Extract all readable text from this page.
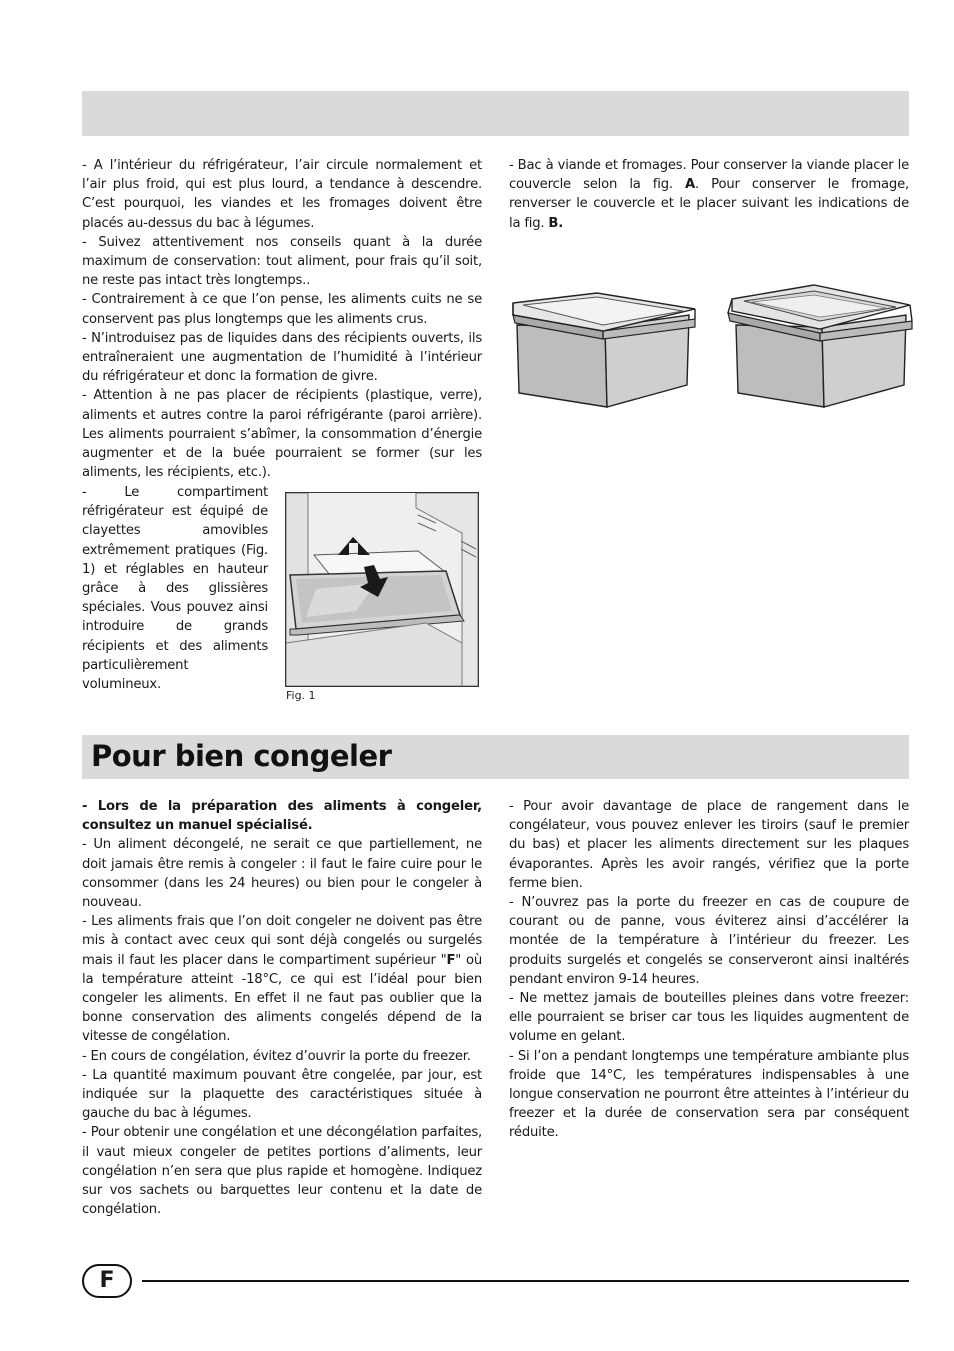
- A l’intérieur du réfrigérateur, l’air circule normalement et l’air plus froid, qui est plus lourd, a tendance à descendre. C’est pourquoi, les viandes et les fromages doivent être placés au-dessus du bac à légumes.

- Suivez attentivement nos conseils quant à la durée maximum de conservation: tout aliment, pour frais qu’il soit, ne reste pas intact très longtemps..

- Contrairement à ce que l’on pense, les aliments cuits ne se conservent pas plus longtemps que les aliments crus.

- N’introduisez pas de liquides dans des récipients ouverts, ils entraîneraient une augmentation de l’humidité à l’intérieur du réfrigérateur et donc la formation de givre.

- Attention à ne pas placer de récipients (plastique, verre), aliments et autres contre la paroi réfrigérante (paroi arrière). Les aliments pourraient s’abîmer, la consommation d’énergie augmenter et de la buée pourraient se former (sur les aliments, les récipients, etc.).

- Le compartiment réfrigérateur est équipé de clayettes amovibles extrêmement pratiques (Fig. 1) et réglables en hauteur grâce à des glissières spéciales. Vous pouvez ainsi introduire de grands récipients et des aliments particulièrement volumineux.

Fig. 1

- Bac à viande et fromages. Pour conserver la viande placer le couvercle selon la fig. A. Pour conserver le fromage, renverser le couvercle et le placer suivant les indications de la fig. B.

Pour bien congeler

- Lors de la préparation des aliments à congeler, consultez un manuel spécialisé.

- Un aliment décongelé, ne serait ce que partiellement, ne doit jamais être remis à congeler : il faut le faire cuire pour le consommer (dans les 24 heures) ou bien pour le congeler à nouveau.

- Les aliments frais que l’on doit congeler ne doivent pas être mis à contact avec ceux qui sont déjà congelés ou surgelés mais il faut les placer dans le compartiment supérieur "F" où la température atteint -18°C, ce qui est l’idéal pour bien congeler les aliments. En effet il ne faut pas oublier que la bonne conservation des aliments congelés dépend de la vitesse de congélation.

- En cours de congélation, évitez d’ouvrir la porte du freezer.

- La quantité maximum pouvant être congelée, par jour, est indiquée sur la plaquette des caractéristiques située à gauche du bac à légumes.

- Pour obtenir une congélation et une décongélation parfaites, il vaut mieux congeler de petites portions d’aliments, leur congélation n’en sera que plus rapide et homogène. Indiquez sur vos sachets ou barquettes leur contenu et la date de congélation.

- Pour avoir davantage de place de rangement dans le congélateur, vous pouvez enlever les tiroirs (sauf le premier du bas) et placer les aliments directement sur les plaques évaporantes. Après les avoir rangés, vérifiez que la porte ferme bien.

- N’ouvrez pas la porte du freezer en cas de coupure de courant ou de panne, vous éviterez ainsi d’accélérer la montée de la température à l’intérieur du freezer. Les produits surgelés et congelés se conserveront ainsi inaltérés pendant environ 9-14 heures.

- Ne mettez jamais de bouteilles pleines dans votre freezer: elle pourraient se briser car tous les liquides augmentent de volume en gelant.

- Si l’on a pendant longtemps une température ambiante plus froide que 14°C, les températures indispensables à une longue conservation ne pourront être atteintes à l’intérieur du freezer et la durée de conservation sera par conséquent réduite.

F
